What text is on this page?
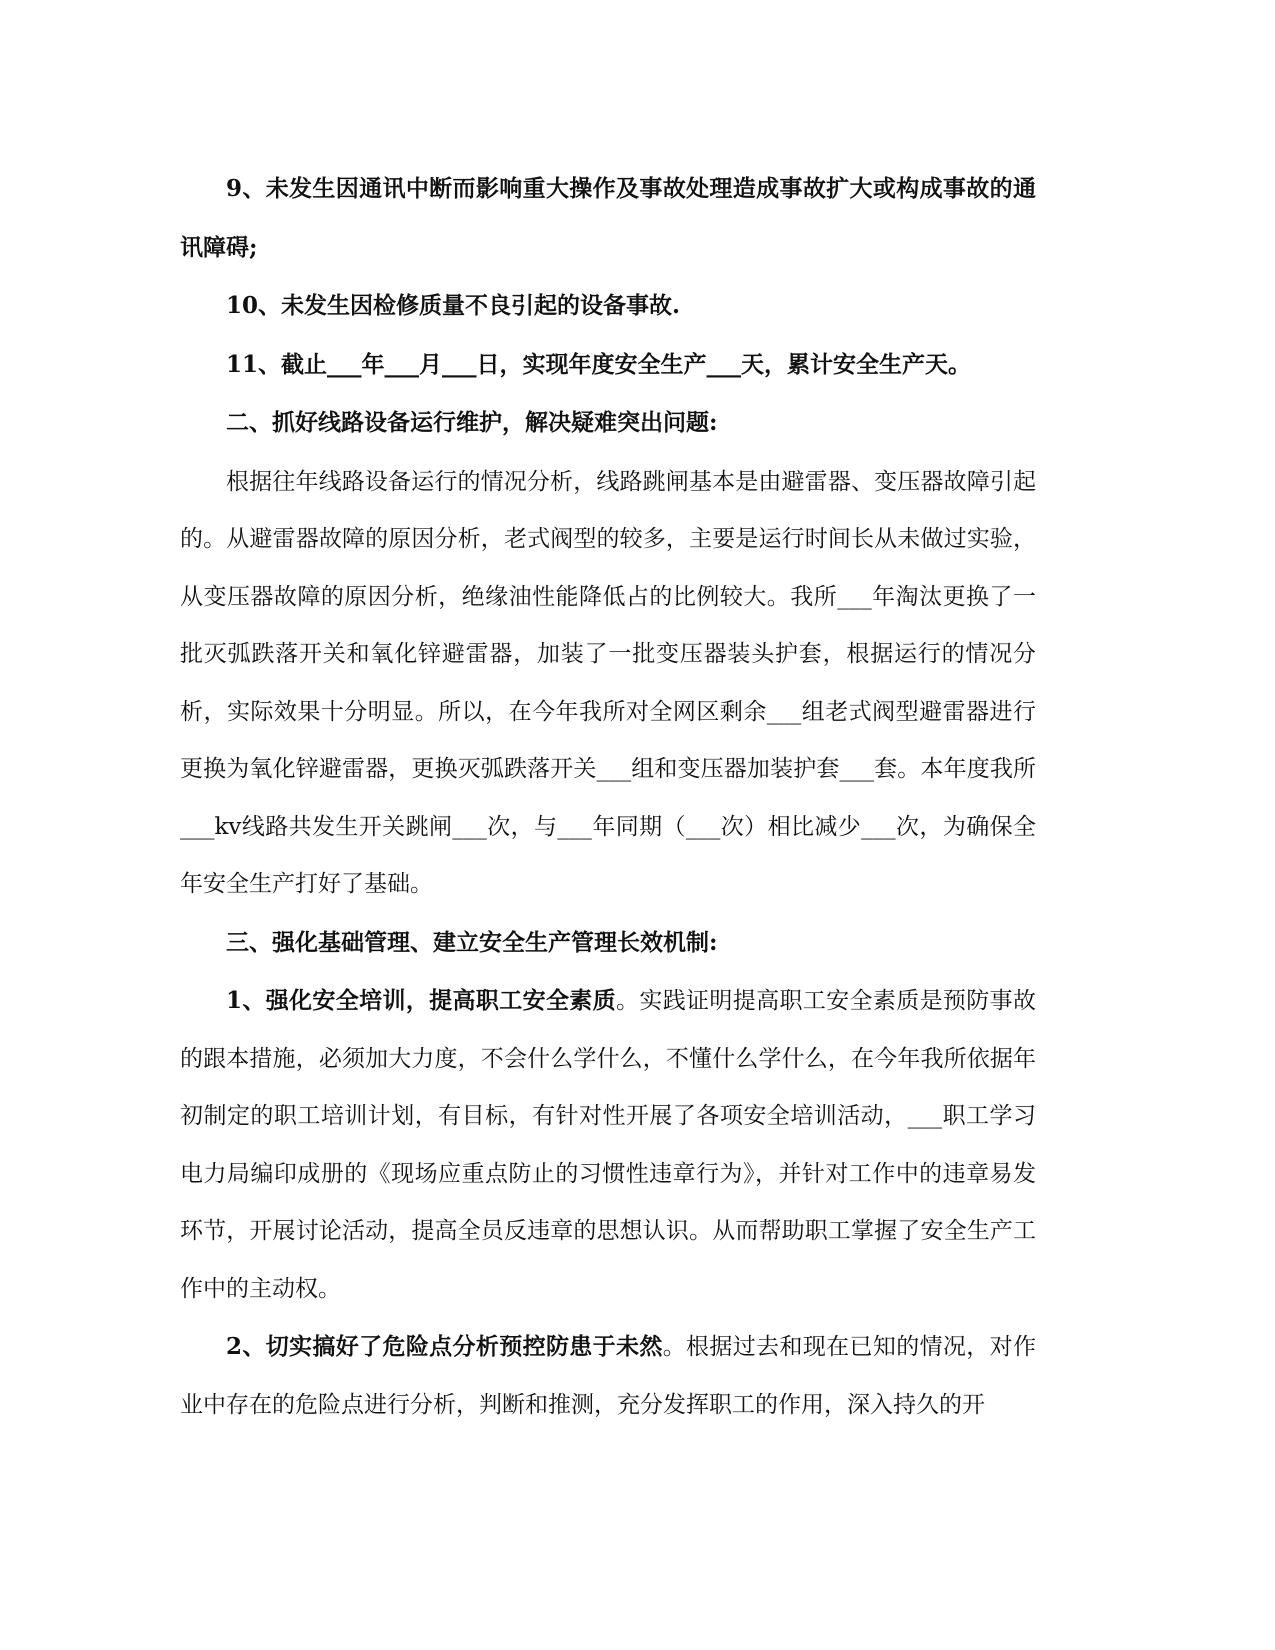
9、未发生因通讯中断而影响重大操作及事故处理造成事故扩大或构成事故的通讯障碍;

10、未发生因检修质量不良引起的设备事故.

11、截止___年___月___日，实现年度安全生产___天，累计安全生产天。

二、抓好线路设备运行维护，解决疑难突出问题:

根据往年线路设备运行的情况分析，线路跳闸基本是由避雷器、变压器故障引起的。从避雷器故障的原因分析，老式阀型的较多，主要是运行时间长从未做过实验，从变压器故障的原因分析，绝缘油性能降低占的比例较大。我所___年淘汰更换了一批灭弧跌落开关和氧化锌避雷器，加装了一批变压器装头护套，根据运行的情况分析，实际效果十分明显。所以，在今年我所对全网区剩余___组老式阀型避雷器进行更换为氧化锌避雷器，更换灭弧跌落开关___组和变压器加装护套___套。本年度我所___kv线路共发生开关跳闸___次，与___年同期（___次）相比减少___次，为确保全年安全生产打好了基础。

三、强化基础管理、建立安全生产管理长效机制:

1、强化安全培训，提高职工安全素质。实践证明提高职工安全素质是预防事故的跟本措施，必须加大力度，不会什么学什么，不懂什么学什么，在今年我所依据年初制定的职工培训计划，有目标，有针对性开展了各项安全培训活动，___职工学习电力局编印成册的《现场应重点防止的习惯性违章行为》，并针对工作中的违章易发环节，开展讨论活动，提高全员反违章的思想认识。从而帮助职工掌握了安全生产工作中的主动权。

2、切实搞好了危险点分析预控防患于未然。根据过去和现在已知的情况，对作业中存在的危险点进行分析，判断和推测，充分发挥职工的作用，深入持久的开
